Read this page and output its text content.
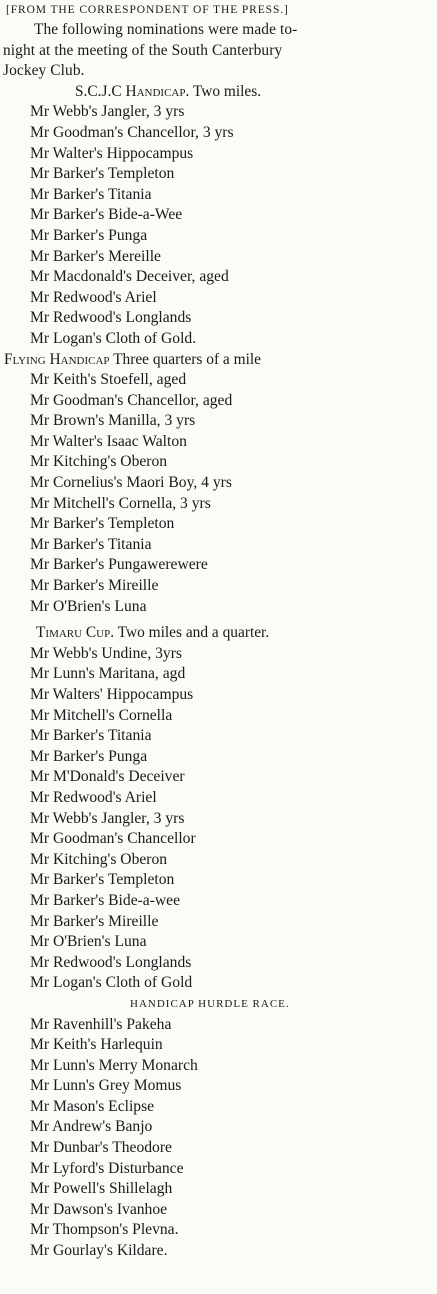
[FROM THE CORRESPONDENT OF THE PRESS.]
The following nominations were made to-
night at the meeting of the South Canterbury
Jockey Club.
S.C.J.C Handicap. Two miles.
Mr Webb's Jangler, 3 yrs
Mr Goodman's Chancellor, 3 yrs
Mr Walter's Hippocampus
Mr Barker's Templeton
Mr Barker's Titania
Mr Barker's Bide-a-Wee
Mr Barker's Punga
Mr Barker's Mereille
Mr Macdonald's Deceiver, aged
Mr Redwood's Ariel
Mr Redwood's Longlands
Mr Logan's Cloth of Gold.
Flying Handicap Three quarters of a mile
Mr Keith's Stoefell, aged
Mr Goodman's Chancellor, aged
Mr Brown's Manilla, 3 yrs
Mr Walter's Isaac Walton
Mr Kitching's Oberon
Mr Cornelius's Maori Boy, 4 yrs
Mr Mitchell's Cornella, 3 yrs
Mr Barker's Templeton
Mr Barker's Titania
Mr Barker's Pungawerewere
Mr Barker's Mireille
Mr O'Brien's Luna
Timaru Cup. Two miles and a quarter.
Mr Webb's Undine, 3yrs
Mr Lunn's Maritana, agd
Mr Walters' Hippocampus
Mr Mitchell's Cornella
Mr Barker's Titania
Mr Barker's Punga
Mr M'Donald's Deceiver
Mr Redwood's Ariel
Mr Webb's Jangler, 3 yrs
Mr Goodman's Chancellor
Mr Kitching's Oberon
Mr Barker's Templeton
Mr Barker's Bide-a-wee
Mr Barker's Mireille
Mr O'Brien's Luna
Mr Redwood's Longlands
Mr Logan's Cloth of Gold
HANDICAP HURDLE RACE.
Mr Ravenhill's Pakeha
Mr Keith's Harlequin
Mr Lunn's Merry Monarch
Mr Lunn's Grey Momus
Mr Mason's Eclipse
Mr Andrew's Banjo
Mr Dunbar's Theodore
Mr Lyford's Disturbance
Mr Powell's Shillelagh
Mr Dawson's Ivanhoe
Mr Thompson's Plevna.
Mr Gourlay's Kildare.
